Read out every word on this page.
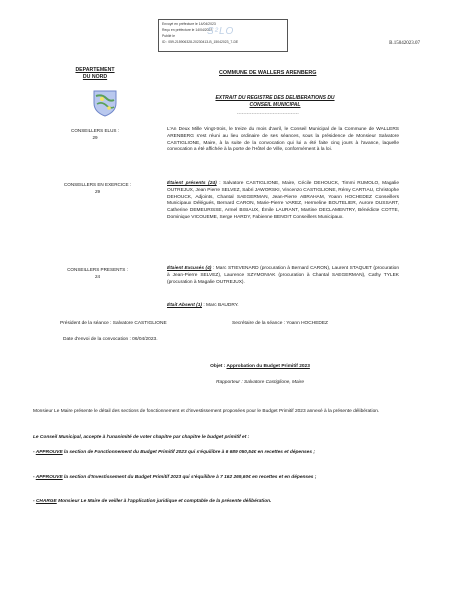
Envoyé en préfecture le 14/04/2023
Reçu en préfecture le 14/04/2023
Publié le
ID : 059-215906328-20230413-B_15042023_7-DE
S²LO
B.15042023.07
DEPARTEMENT
DU NORD
COMMUNE DE WALLERS ARENBERG
EXTRAIT DU REGISTRE DES DELIBERATIONS DU
CONSEIL MUNICIPAL
--------------------------------------
CONSEILLERS ELUS :
29
CONSEILLERS EN EXERCICE :
29
CONSEILLERS PRESENTS :
24
L'An Deux Mille Vingt-trois, le treize du mois d'avril, le Conseil Municipal de la Commune de WALLERS ARENBERG s'est réuni au lieu ordinaire de ses séances, sous la présidence de Monsieur Salvatore CASTIGLIONE, Maire, à la suite de la convocation qui lui a été faite cinq jours à l'avance, laquelle convocation a été affichée à la porte de l'Hôtel de Ville, conformément à la loi.
Étaient présents (24) : Salvatore CASTIGLIONE, Maire, Cécile DEHOUCK, Timmi RUMOLO, Magalie OUTREJUX, Jean Pierre SELVEZ, Sabri JAWORSKI, Vincenzo CASTIGLIONE, Rémy CARTIAU, Christophe DEHOUCK, Adjoints, Chantal SAEGERMAN, Jean-Pierre ABRAHAM, Yoann HOCHEDEZ Conseillers Municipaux Délégués, Bernard CARON, Marie-Pierre VAREZ, Hermeline BOUTELIER, Aurore DUSSART, Catherine DEMEURISSE, Armel BISIAUX, Émile LAURANT, Martine DECLAMENTRY, Bénédicte COTTE, Dominique VICOUEME, Serge HARDY, Fabienne BENOIT Conseillers Municipaux.
Étaient Excusés (4) : Marc STIEVENARD (procuration à Bernard CARON), Laurent STAQUET (procuration à Jean-Pierre SELVEZ), Laurence SZYMONIAK (procuration à Chantal SAEGERMAN), Cathy TYLEK (procuration à Magalie OUTREJUX).
Était Absent (1) : Marc BAUDRY.
Président de la séance : Salvatore CASTIGLIONE	Secrétaire de la séance : Yoann HOCHEDEZ
Date d'envoi de la convocation : 06/04/2023.
Objet : Approbation du Budget Primitif 2023
Rapporteur : Salvatore Castiglione, Maire
Monsieur Le Maire présente le détail des sections de fonctionnement et d'investissement proposées pour le Budget Primitif 2023 annexé à la présente délibération.
Le Conseil Municipal, accepte à l'unanimité de voter chapitre par chapitre le budget primitif et :
- APPROUVE la section de Fonctionnement du Budget Primitif 2023 qui s'équilibre à 6 689 050,54€ en recettes et dépenses ;
- APPROUVE la section d'Investissement du Budget Primitif 2023 qui s'équilibre à 7 162 269,60€ en recettes et en dépenses ;
- CHARGE Monsieur Le Maire de veiller à l'application juridique et comptable de la présente délibération.
